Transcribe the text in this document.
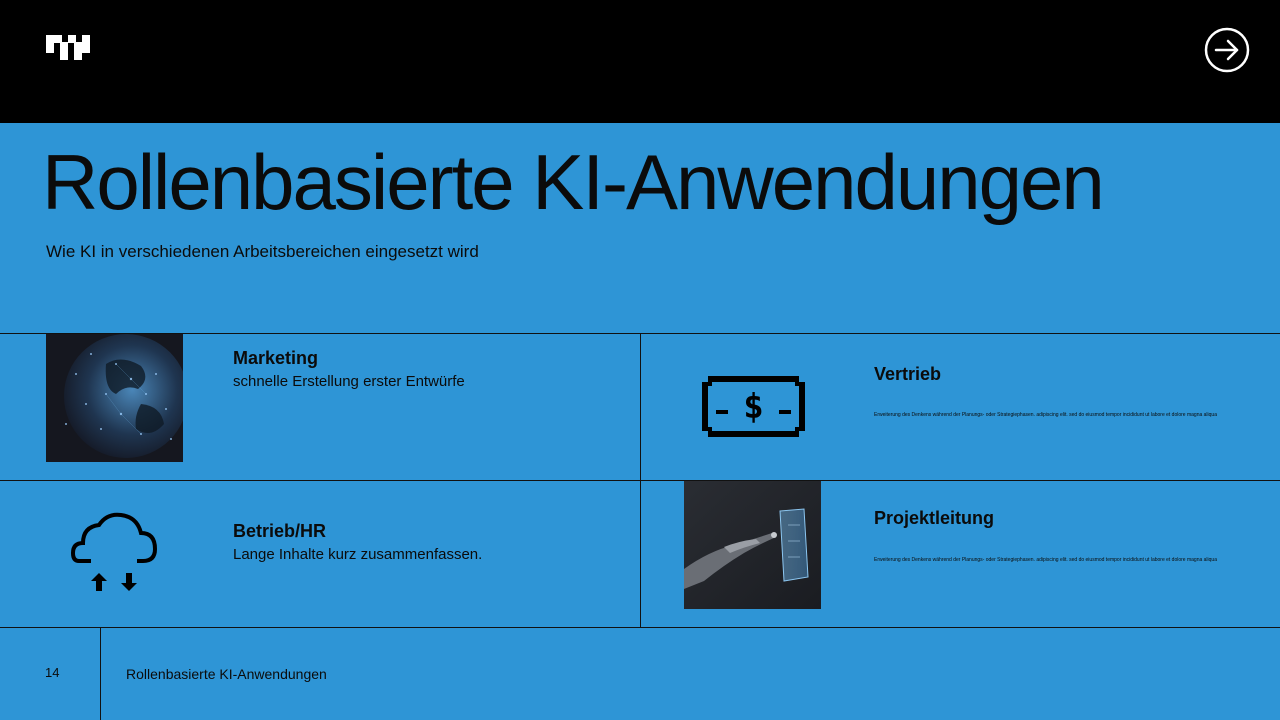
Rollenbasierte KI-Anwendungen

Wie KI in verschiedenen Arbeitsbereichen eingesetzt wird

Marketing
schnelle Erstellung erster Entwürfe
$
Vertrieb
Erweiterung des Denkens während der Planungs- oder Strategiephasen. adipiscing elit. sed do eiusmod tempor incididunt ut labore et dolore magna aliqua
Betrieb/HR
Lange Inhalte kurz zusammenfassen.
Projektleitung
Erweiterung des Denkens während der Planungs- oder Strategiephasen. adipiscing elit. sed do eiusmod tempor incididunt ut labore et dolore magna aliqua
14	Rollenbasierte KI-Anwendungen
